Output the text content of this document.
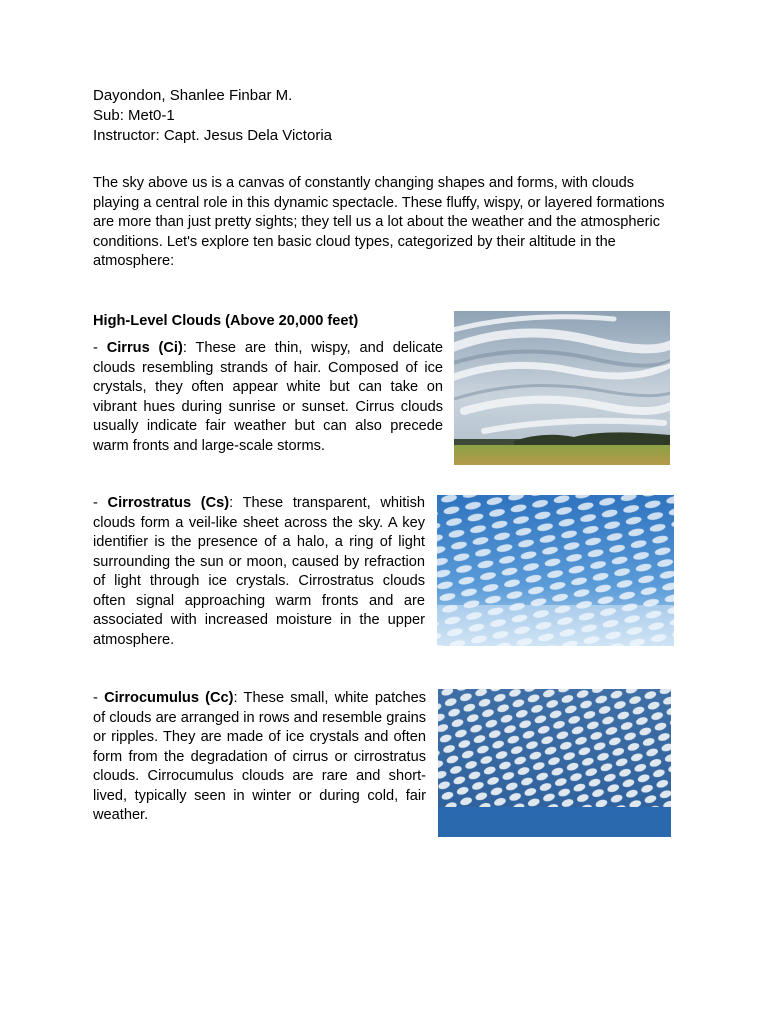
Dayondon, Shanlee Finbar M.
Sub: Met0-1
Instructor: Capt. Jesus Dela Victoria

The sky above us is a canvas of constantly changing shapes and forms, with clouds playing a central role in this dynamic spectacle. These fluffy, wispy, or layered formations are more than just pretty sights; they tell us a lot about the weather and the atmospheric conditions. Let's explore ten basic cloud types, categorized by their altitude in the atmosphere:

High-Level Clouds (Above 20,000 feet)

- Cirrus (Ci): These are thin, wispy, and delicate clouds resembling strands of hair. Composed of ice crystals, they often appear white but can take on vibrant hues during sunrise or sunset. Cirrus clouds usually indicate fair weather but can also precede warm fronts and large-scale storms.

- Cirrostratus (Cs): These transparent, whitish clouds form a veil-like sheet across the sky. A key identifier is the presence of a halo, a ring of light surrounding the sun or moon, caused by refraction of light through ice crystals. Cirrostratus clouds often signal approaching warm fronts and are associated with increased moisture in the upper atmosphere.

- Cirrocumulus (Cc): These small, white patches of clouds are arranged in rows and resemble grains or ripples. They are made of ice crystals and often form from the degradation of cirrus or cirrostratus clouds. Cirrocumulus clouds are rare and short-lived, typically seen in winter or during cold, fair weather.
